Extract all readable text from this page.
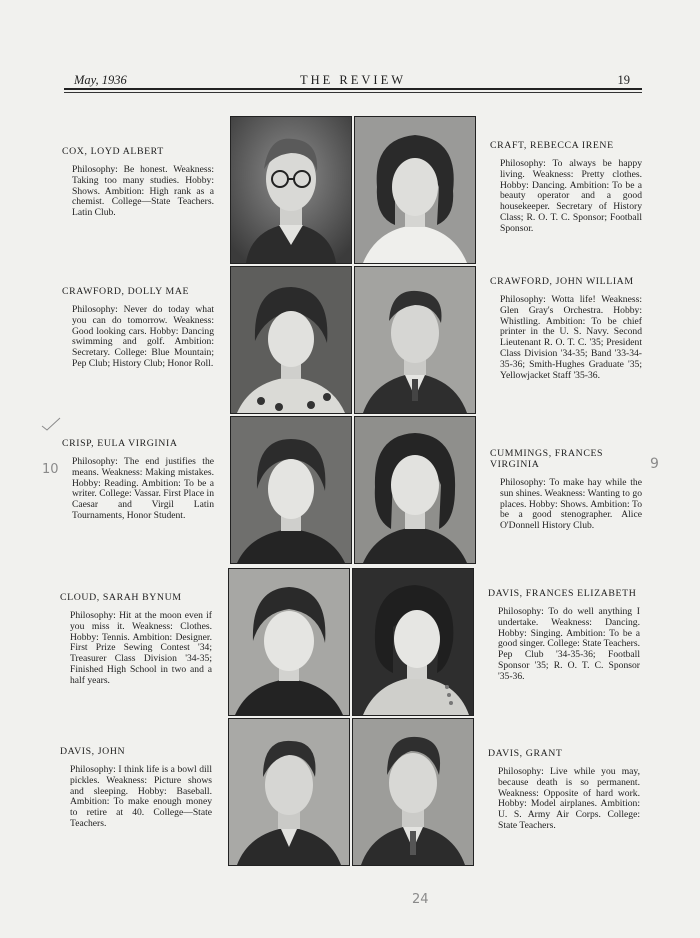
May, 1936	THE REVIEW	19
COX, LOYD ALBERT
Philosophy: Be honest. Weakness: Taking too many studies. Hobby: Shows. Ambition: High rank as a chemist. College—State Teachers. Latin Club.
CRAFT, REBECCA IRENE
Philosophy: To always be happy living. Weakness: Pretty clothes. Hobby: Dancing. Ambition: To be a beauty operator and a good housekeeper. Secretary of History Class; R. O. T. C. Sponsor; Football Sponsor.
CRAWFORD, DOLLY MAE
Philosophy: Never do today what you can do tomorrow. Weakness: Good looking cars. Hobby: Dancing swimming and golf. Ambition: Secretary. College: Blue Mountain; Pep Club; History Club; Honor Roll.
CRAWFORD, JOHN WILLIAM
Philosophy: Wotta life! Weakness: Glen Gray's Orchestra. Hobby: Whistling. Ambition: To be chief printer in the U. S. Navy. Second Lieutenant R. O. T. C. '35; President Class Division '34-35; Band '33-34-35-36; Smith-Hughes Graduate '35; Yellowjacket Staff '35-36.
CRISP, EULA VIRGINIA
Philosophy: The end justifies the means. Weakness: Making mistakes. Hobby: Reading. Ambition: To be a writer. College: Vassar. First Place in Caesar and Virgil Latin Tournaments, Honor Student.
CUMMINGS, FRANCES VIRGINIA
Philosophy: To make hay while the sun shines. Weakness: Wanting to go places. Hobby: Shows. Ambition: To be a good stenographer. Alice O'Donnell History Club.
CLOUD, SARAH BYNUM
Philosophy: Hit at the moon even if you miss it. Weakness: Clothes. Hobby: Tennis. Ambition: Designer. First Prize Sewing Contest '34; Treasurer Class Division '34-35; Finished High School in two and a half years.
DAVIS, FRANCES ELIZABETH
Philosophy: To do well anything I undertake. Weakness: Dancing. Hobby: Singing. Ambition: To be a good singer. College: State Teachers. Pep Club '34-35-36; Football Sponsor '35; R. O. T. C. Sponsor '35-36.
DAVIS, JOHN
Philosophy: I think life is a bowl dill pickles. Weakness: Picture shows and sleeping. Hobby: Baseball. Ambition: To make enough money to retire at 40. College—State Teachers.
DAVIS, GRANT
Philosophy: Live while you may, because death is so permanent. Weakness: Opposite of hard work. Hobby: Model airplanes. Ambition: U. S. Army Air Corps. College: State Teachers.
10	9
24
